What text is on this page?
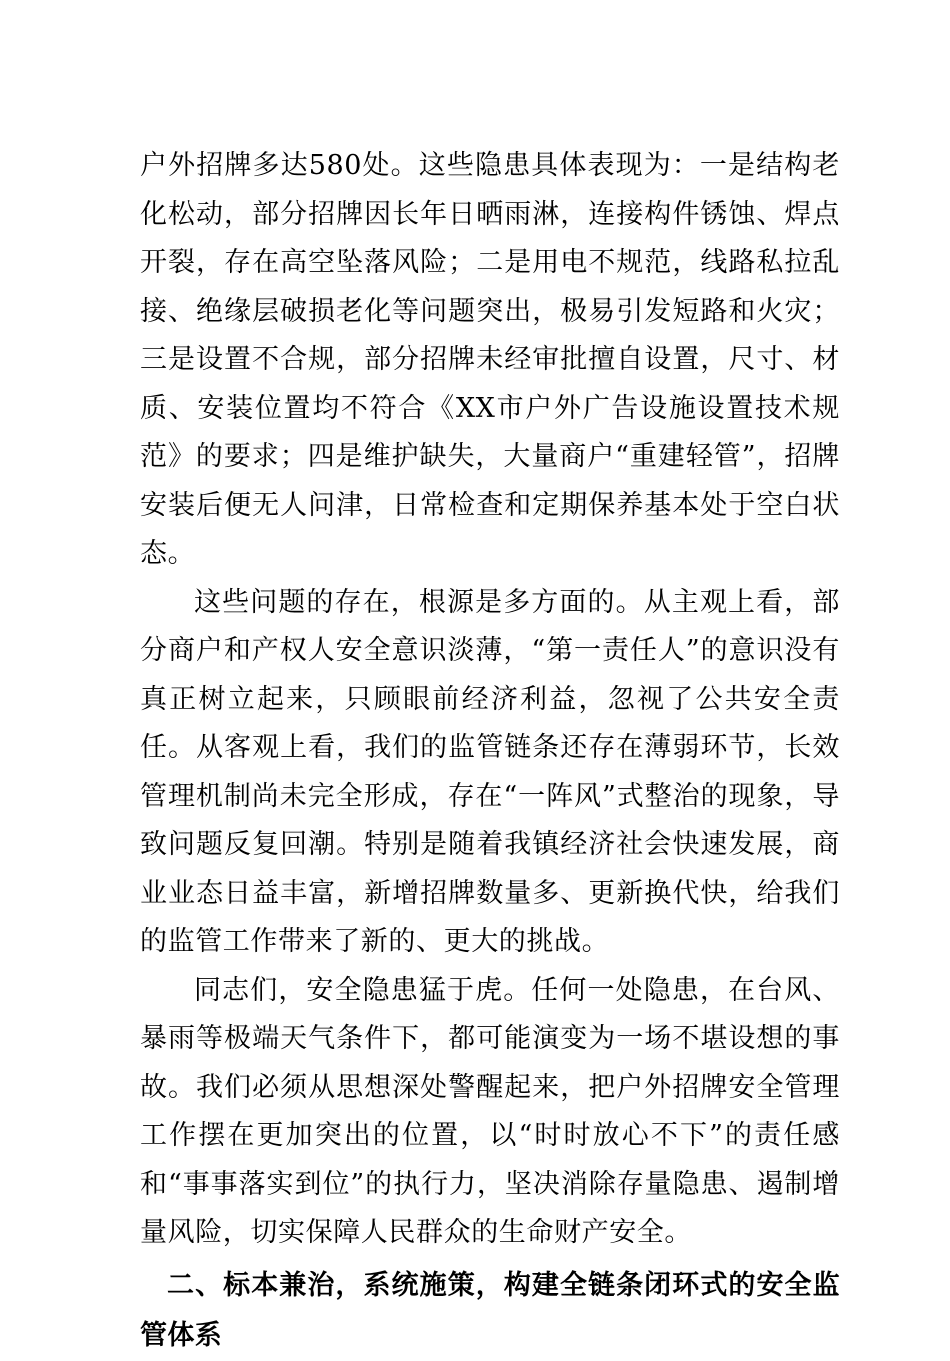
户外招牌多达580处。这些隐患具体表现为：一是结构老化松动，部分招牌因长年日晒雨淋，连接构件锈蚀、焊点开裂，存在高空坠落风险；二是用电不规范，线路私拉乱接、绝缘层破损老化等问题突出，极易引发短路和火灾；三是设置不合规，部分招牌未经审批擅自设置，尺寸、材质、安装位置均不符合《XX市户外广告设施设置技术规范》的要求；四是维护缺失，大量商户“重建轻管”，招牌安装后便无人问津，日常检查和定期保养基本处于空白状态。

这些问题的存在，根源是多方面的。从主观上看，部分商户和产权人安全意识淡薄，“第一责任人”的意识没有真正树立起来，只顾眼前经济利益，忽视了公共安全责任。从客观上看，我们的监管链条还存在薄弱环节，长效管理机制尚未完全形成，存在“一阵风”式整治的现象，导致问题反复回潮。特别是随着我镇经济社会快速发展，商业业态日益丰富，新增招牌数量多、更新换代快，给我们的监管工作带来了新的、更大的挑战。

同志们，安全隐患猛于虎。任何一处隐患，在台风、暴雨等极端天气条件下，都可能演变为一场不堪设想的事故。我们必须从思想深处警醒起来，把户外招牌安全管理工作摆在更加突出的位置，以“时时放心不下”的责任感和“事事落实到位”的执行力，坚决消除存量隐患、遏制增量风险，切实保障人民群众的生命财产安全。

二、标本兼治，系统施策，构建全链条闭环式的安全监管体系
